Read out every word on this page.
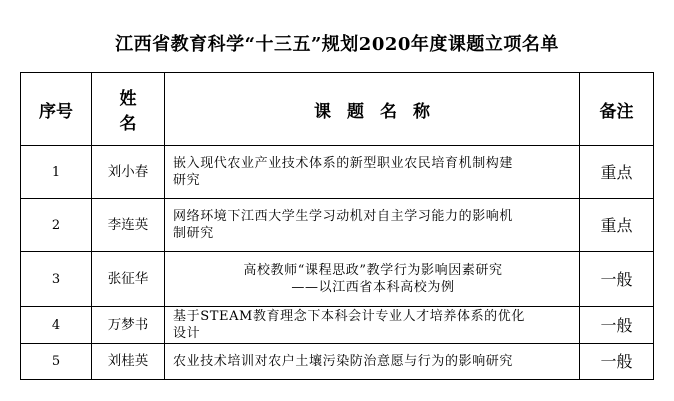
江西省教育科学“十三五”规划2020年度课题立项名单
序号	姓名	课题名称	备注
1	刘小春	嵌入现代农业产业技术体系的新型职业农民培育机制构建
研究	重点
2	李连英	网络环境下江西大学生学习动机对自主学习能力的影响机
制研究	重点
3	张征华	高校教师“课程思政”教学行为影响因素研究
——以江西省本科高校为例	一般
4	万梦书	基于STEAM教育理念下本科会计专业人才培养体系的优化
设计	一般
5	刘桂英	农业技术培训对农户土壤污染防治意愿与行为的影响研究	一般
